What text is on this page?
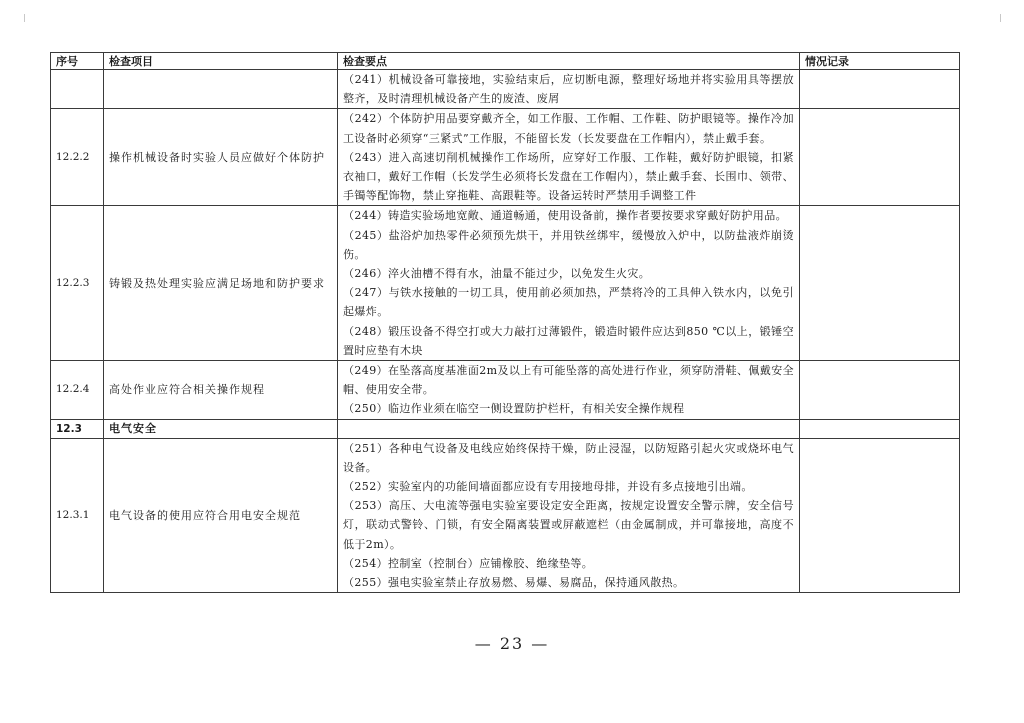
序号	检查项目	检查要点	情况记录

		（241）机械设备可靠接地，实验结束后，应切断电源，整理好场地并将实验用具等摆放整齐，及时清理机械设备产生的废渣、废屑	

12.2.2	操作机械设备时实验人员应做好个体防护	（242）个体防护用品要穿戴齐全，如工作服、工作帽、工作鞋、防护眼镜等。操作冷加工设备时必须穿“三紧式”工作服，不能留长发（长发要盘在工作帽内），禁止戴手套。
（243）进入高速切削机械操作工作场所，应穿好工作服、工作鞋，戴好防护眼镜，扣紧衣袖口，戴好工作帽（长发学生必须将长发盘在工作帽内），禁止戴手套、长围巾、领带、手镯等配饰物，禁止穿拖鞋、高跟鞋等。设备运转时严禁用手调整工件	

12.2.3	铸锻及热处理实验应满足场地和防护要求	（244）铸造实验场地宽敞、通道畅通，使用设备前，操作者要按要求穿戴好防护用品。
（245）盐浴炉加热零件必须预先烘干，并用铁丝绑牢，缓慢放入炉中，以防盐液炸崩烫伤。
（246）淬火油槽不得有水，油量不能过少，以免发生火灾。
（247）与铁水接触的一切工具，使用前必须加热，严禁将冷的工具伸入铁水内，以免引起爆炸。
（248）锻压设备不得空打或大力敲打过薄锻件，锻造时锻件应达到850 ℃以上，锻锤空置时应垫有木块	

12.2.4	高处作业应符合相关操作规程	（249）在坠落高度基准面2m及以上有可能坠落的高处进行作业，须穿防滑鞋、佩戴安全帽、使用安全带。
（250）临边作业须在临空一侧设置防护栏杆，有相关安全操作规程	

12.3	电气安全		
12.3.1	电气设备的使用应符合用电安全规范	（251）各种电气设备及电线应始终保持干燥，防止浸湿，以防短路引起火灾或烧坏电气设备。
（252）实验室内的功能间墙面都应设有专用接地母排，并设有多点接地引出端。
（253）高压、大电流等强电实验室要设定安全距离，按规定设置安全警示牌，安全信号灯，联动式警铃、门锁，有安全隔离装置或屏蔽遮栏（由金属制成，并可靠接地，高度不低于2m）。
（254）控制室（控制台）应铺橡胶、绝缘垫等。
（255）强电实验室禁止存放易燃、易爆、易腐品，保持通风散热。	

— 23 —
